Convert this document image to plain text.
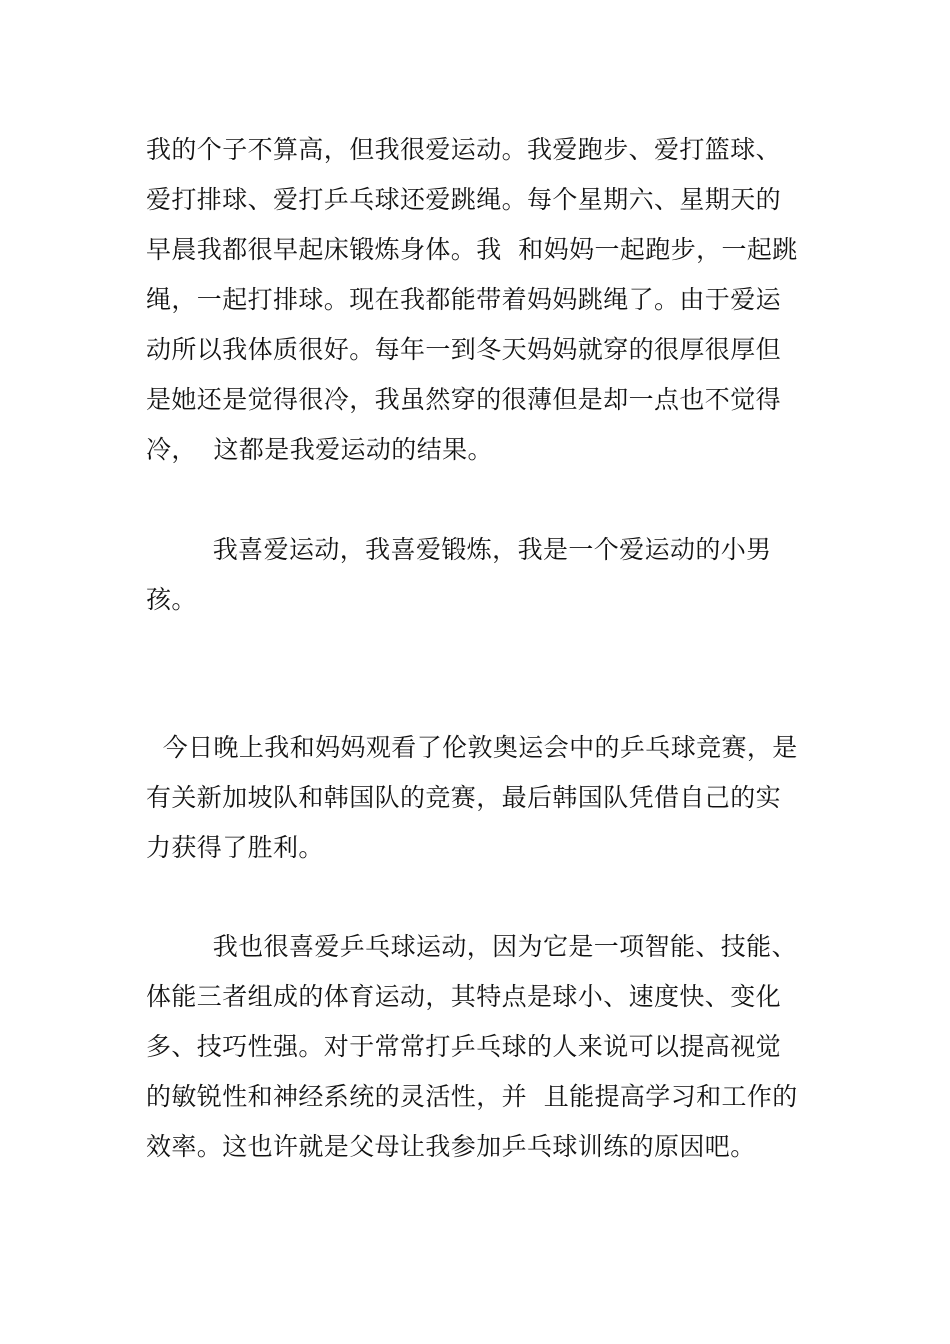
我的个子不算高，但我很爱运动。我爱跑步、爱打篮球、
爱打排球、爱打乒乓球还爱跳绳。每个星期六、星期天的
早晨我都很早起床锻炼身体。我  和妈妈一起跑步，一起跳
绳，一起打排球。现在我都能带着妈妈跳绳了。由于爱运
动所以我体质很好。每年一到冬天妈妈就穿的很厚很厚但
是她还是觉得很冷，我虽然穿的很薄但是却一点也不觉得
冷，  这都是我爱运动的结果。
我喜爱运动，我喜爱锻炼，我是一个爱运动的小男
孩。
今日晚上我和妈妈观看了伦敦奥运会中的乒乓球竞赛，是
有关新加坡队和韩国队的竞赛，最后韩国队凭借自己的实
力获得了胜利。
我也很喜爱乒乓球运动，因为它是一项智能、技能、
体能三者组成的体育运动，其特点是球小、速度快、变化
多、技巧性强。对于常常打乒乓球的人来说可以提高视觉
的敏锐性和神经系统的灵活性，并  且能提高学习和工作的
效率。这也许就是父母让我参加乒乓球训练的原因吧。
